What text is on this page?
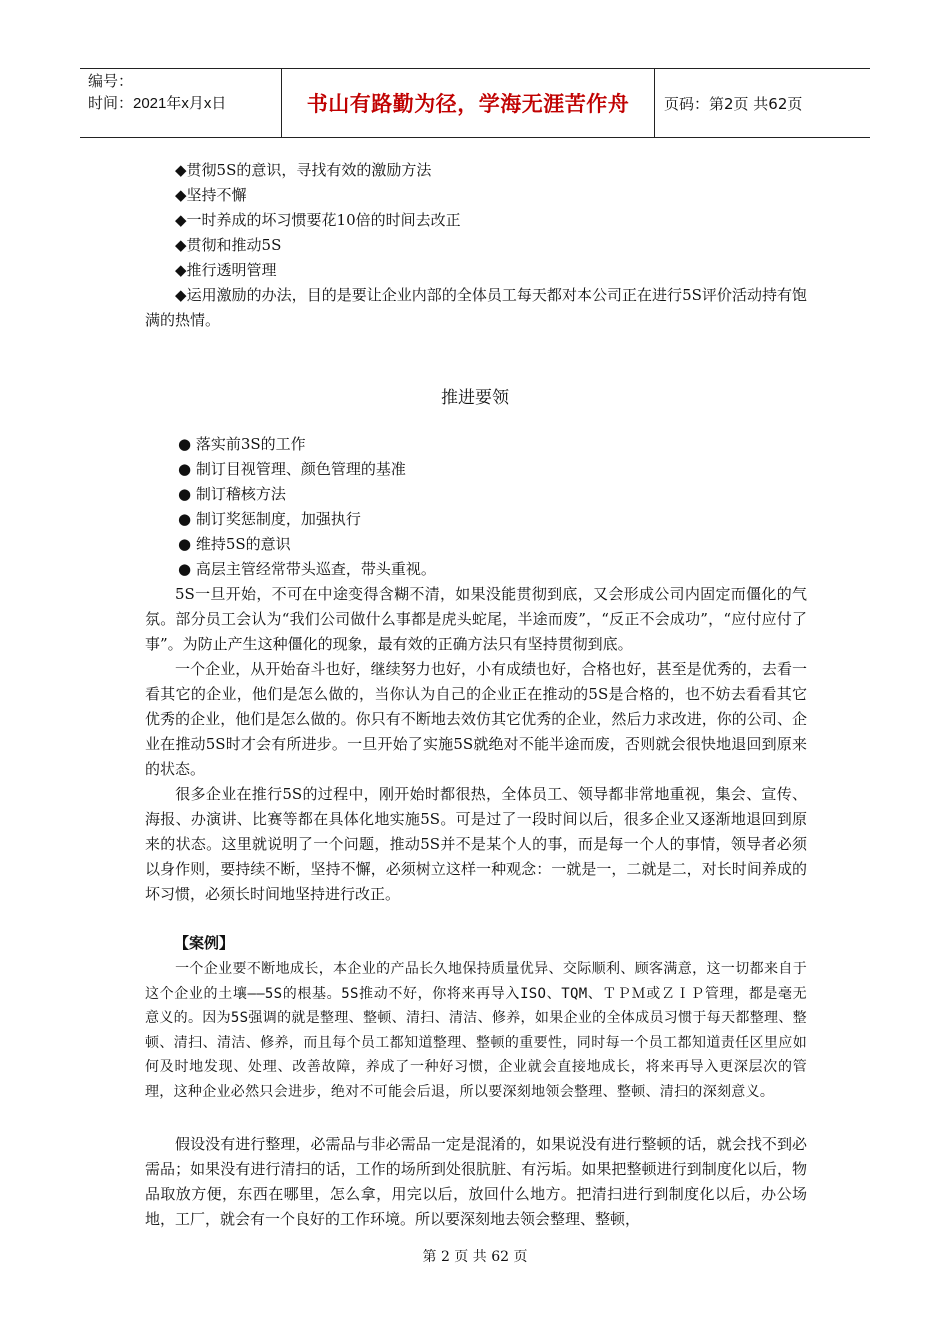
编号：
时间：2021年x月x日	书山有路勤为径，学海无涯苦作舟	页码：第2页 共62页
◆贯彻5S的意识，寻找有效的激励方法
◆坚持不懈
◆一时养成的坏习惯要花10倍的时间去改正
◆贯彻和推动5S
◆推行透明管理
◆运用激励的办法，目的是要让企业内部的全体员工每天都对本公司正在进行5S评价活动持有饱满的热情。
推进要领
● 落实前3S的工作
● 制订目视管理、颜色管理的基准
● 制订稽核方法
● 制订奖惩制度，加强执行
● 维持5S的意识
● 高层主管经常带头巡查，带头重视。
5S一旦开始，不可在中途变得含糊不清，如果没能贯彻到底，又会形成公司内固定而僵化的气氛。部分员工会认为“我们公司做什么事都是虎头蛇尾，半途而废”，“反正不会成功”，“应付应付了事”。为防止产生这种僵化的现象，最有效的正确方法只有坚持贯彻到底。
一个企业，从开始奋斗也好，继续努力也好，小有成绩也好，合格也好，甚至是优秀的，去看一看其它的企业，他们是怎么做的，当你认为自己的企业正在推动的5S是合格的，也不妨去看看其它优秀的企业，他们是怎么做的。你只有不断地去效仿其它优秀的企业，然后力求改进，你的公司、企业在推动5S时才会有所进步。一旦开始了实施5S就绝对不能半途而废，否则就会很快地退回到原来的状态。
很多企业在推行5S的过程中，刚开始时都很热，全体员工、领导都非常地重视，集会、宣传、海报、办演讲、比赛等都在具体化地实施5S。可是过了一段时间以后，很多企业又逐渐地退回到原来的状态。这里就说明了一个问题，推动5S并不是某个人的事，而是每一个人的事情，领导者必须以身作则，要持续不断，坚持不懈，必须树立这样一种观念：一就是一，二就是二，对长时间养成的坏习惯，必须长时间地坚持进行改正。
【案例】
一个企业要不断地成长，本企业的产品长久地保持质量优异、交际顺利、顾客满意，这一切都来自于这个企业的土壤——5S的根基。5S推动不好，你将来再导入ISO、TQM、ＴＰＭ或ＺＩＰ管理，都是毫无意义的。因为5S强调的就是整理、整顿、清扫、清洁、修养，如果企业的全体成员习惯于每天都整理、整顿、清扫、清洁、修养，而且每个员工都知道整理、整顿的重要性，同时每一个员工都知道责任区里应如何及时地发现、处理、改善故障，养成了一种好习惯，企业就会直接地成长，将来再导入更深层次的管理，这种企业必然只会进步，绝对不可能会后退，所以要深刻地领会整理、整顿、清扫的深刻意义。
假设没有进行整理，必需品与非必需品一定是混淆的，如果说没有进行整顿的话，就会找不到必需品；如果没有进行清扫的话，工作的场所到处很肮脏、有污垢。如果把整顿进行到制度化以后，物品取放方便，东西在哪里，怎么拿，用完以后，放回什么地方。把清扫进行到制度化以后，办公场地，工厂，就会有一个良好的工作环境。所以要深刻地去领会整理、整顿，
第 2 页 共 62 页
